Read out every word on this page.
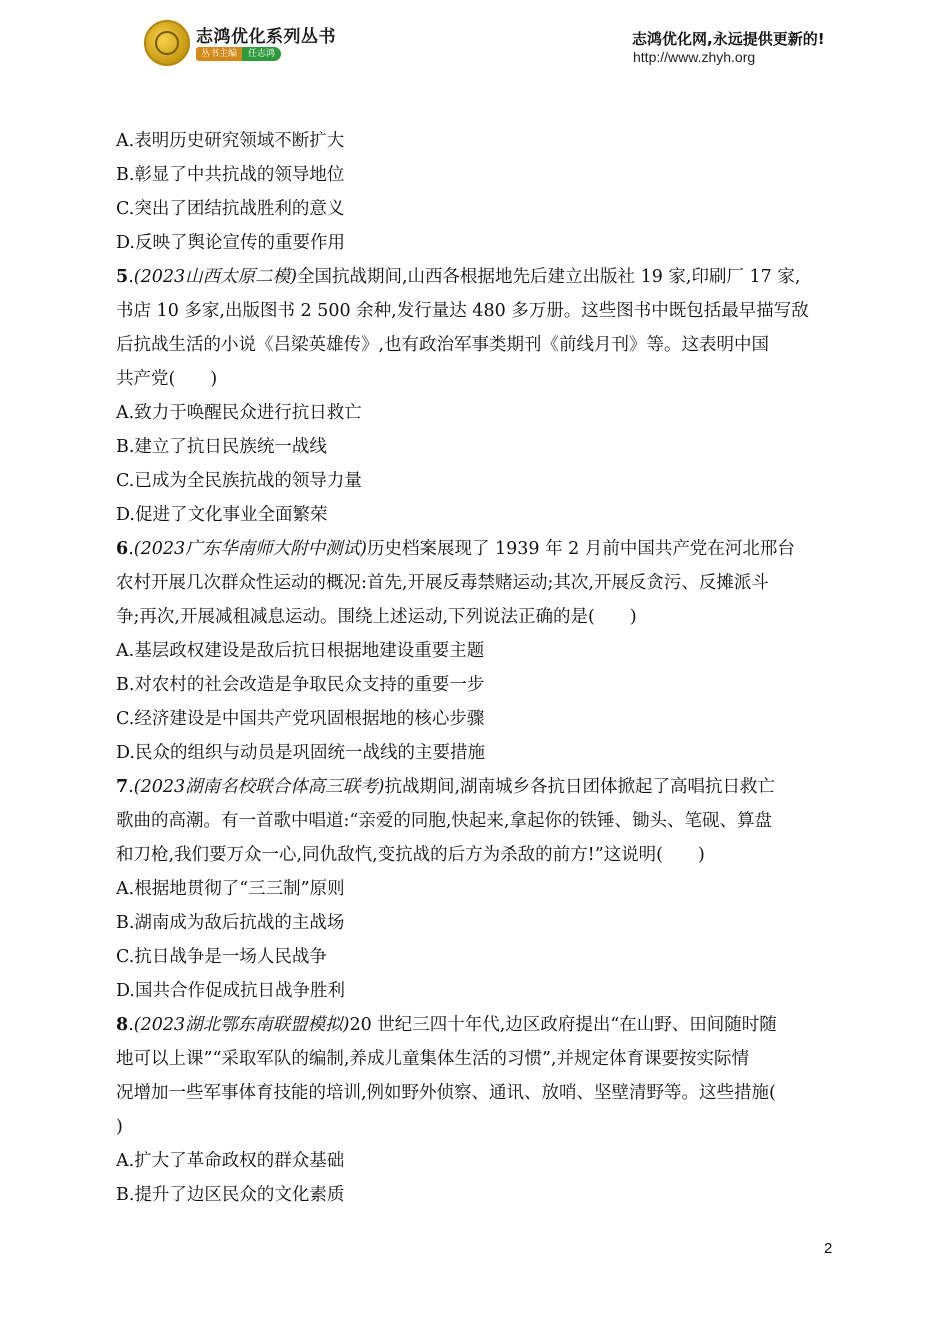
志鸿优化系列丛书
丛书主编	任志鸿
志鸿优化网,永远提供更新的!
http://www.zhyh.org
A.表明历史研究领域不断扩大
B.彰显了中共抗战的领导地位
C.突出了团结抗战胜利的意义
D.反映了舆论宣传的重要作用
5.(2023山西太原二模)全国抗战期间,山西各根据地先后建立出版社 19 家,印刷厂 17 家,
书店 10 多家,出版图书 2 500 余种,发行量达 480 多万册。这些图书中既包括最早描写敌
后抗战生活的小说《吕梁英雄传》,也有政治军事类期刊《前线月刊》等。这表明中国
共产党(　　)
A.致力于唤醒民众进行抗日救亡
B.建立了抗日民族统一战线
C.已成为全民族抗战的领导力量
D.促进了文化事业全面繁荣
6.(2023广东华南师大附中测试)历史档案展现了 1939 年 2 月前中国共产党在河北邢台
农村开展几次群众性运动的概况:首先,开展反毒禁赌运动;其次,开展反贪污、反摊派斗
争;再次,开展减租减息运动。围绕上述运动,下列说法正确的是(　　)
A.基层政权建设是敌后抗日根据地建设重要主题
B.对农村的社会改造是争取民众支持的重要一步
C.经济建设是中国共产党巩固根据地的核心步骤
D.民众的组织与动员是巩固统一战线的主要措施
7.(2023湖南名校联合体高三联考)抗战期间,湖南城乡各抗日团体掀起了高唱抗日救亡
歌曲的高潮。有一首歌中唱道:“亲爱的同胞,快起来,拿起你的铁锤、锄头、笔砚、算盘
和刀枪,我们要万众一心,同仇敌忾,变抗战的后方为杀敌的前方!”这说明(　　)
A.根据地贯彻了“三三制”原则
B.湖南成为敌后抗战的主战场
C.抗日战争是一场人民战争
D.国共合作促成抗日战争胜利
8.(2023湖北鄂东南联盟模拟)20 世纪三四十年代,边区政府提出“在山野、田间随时随
地可以上课”“采取军队的编制,养成儿童集体生活的习惯”,并规定体育课要按实际情
况增加一些军事体育技能的培训,例如野外侦察、通讯、放哨、坚壁清野等。这些措施(
)
A.扩大了革命政权的群众基础
B.提升了边区民众的文化素质
2
